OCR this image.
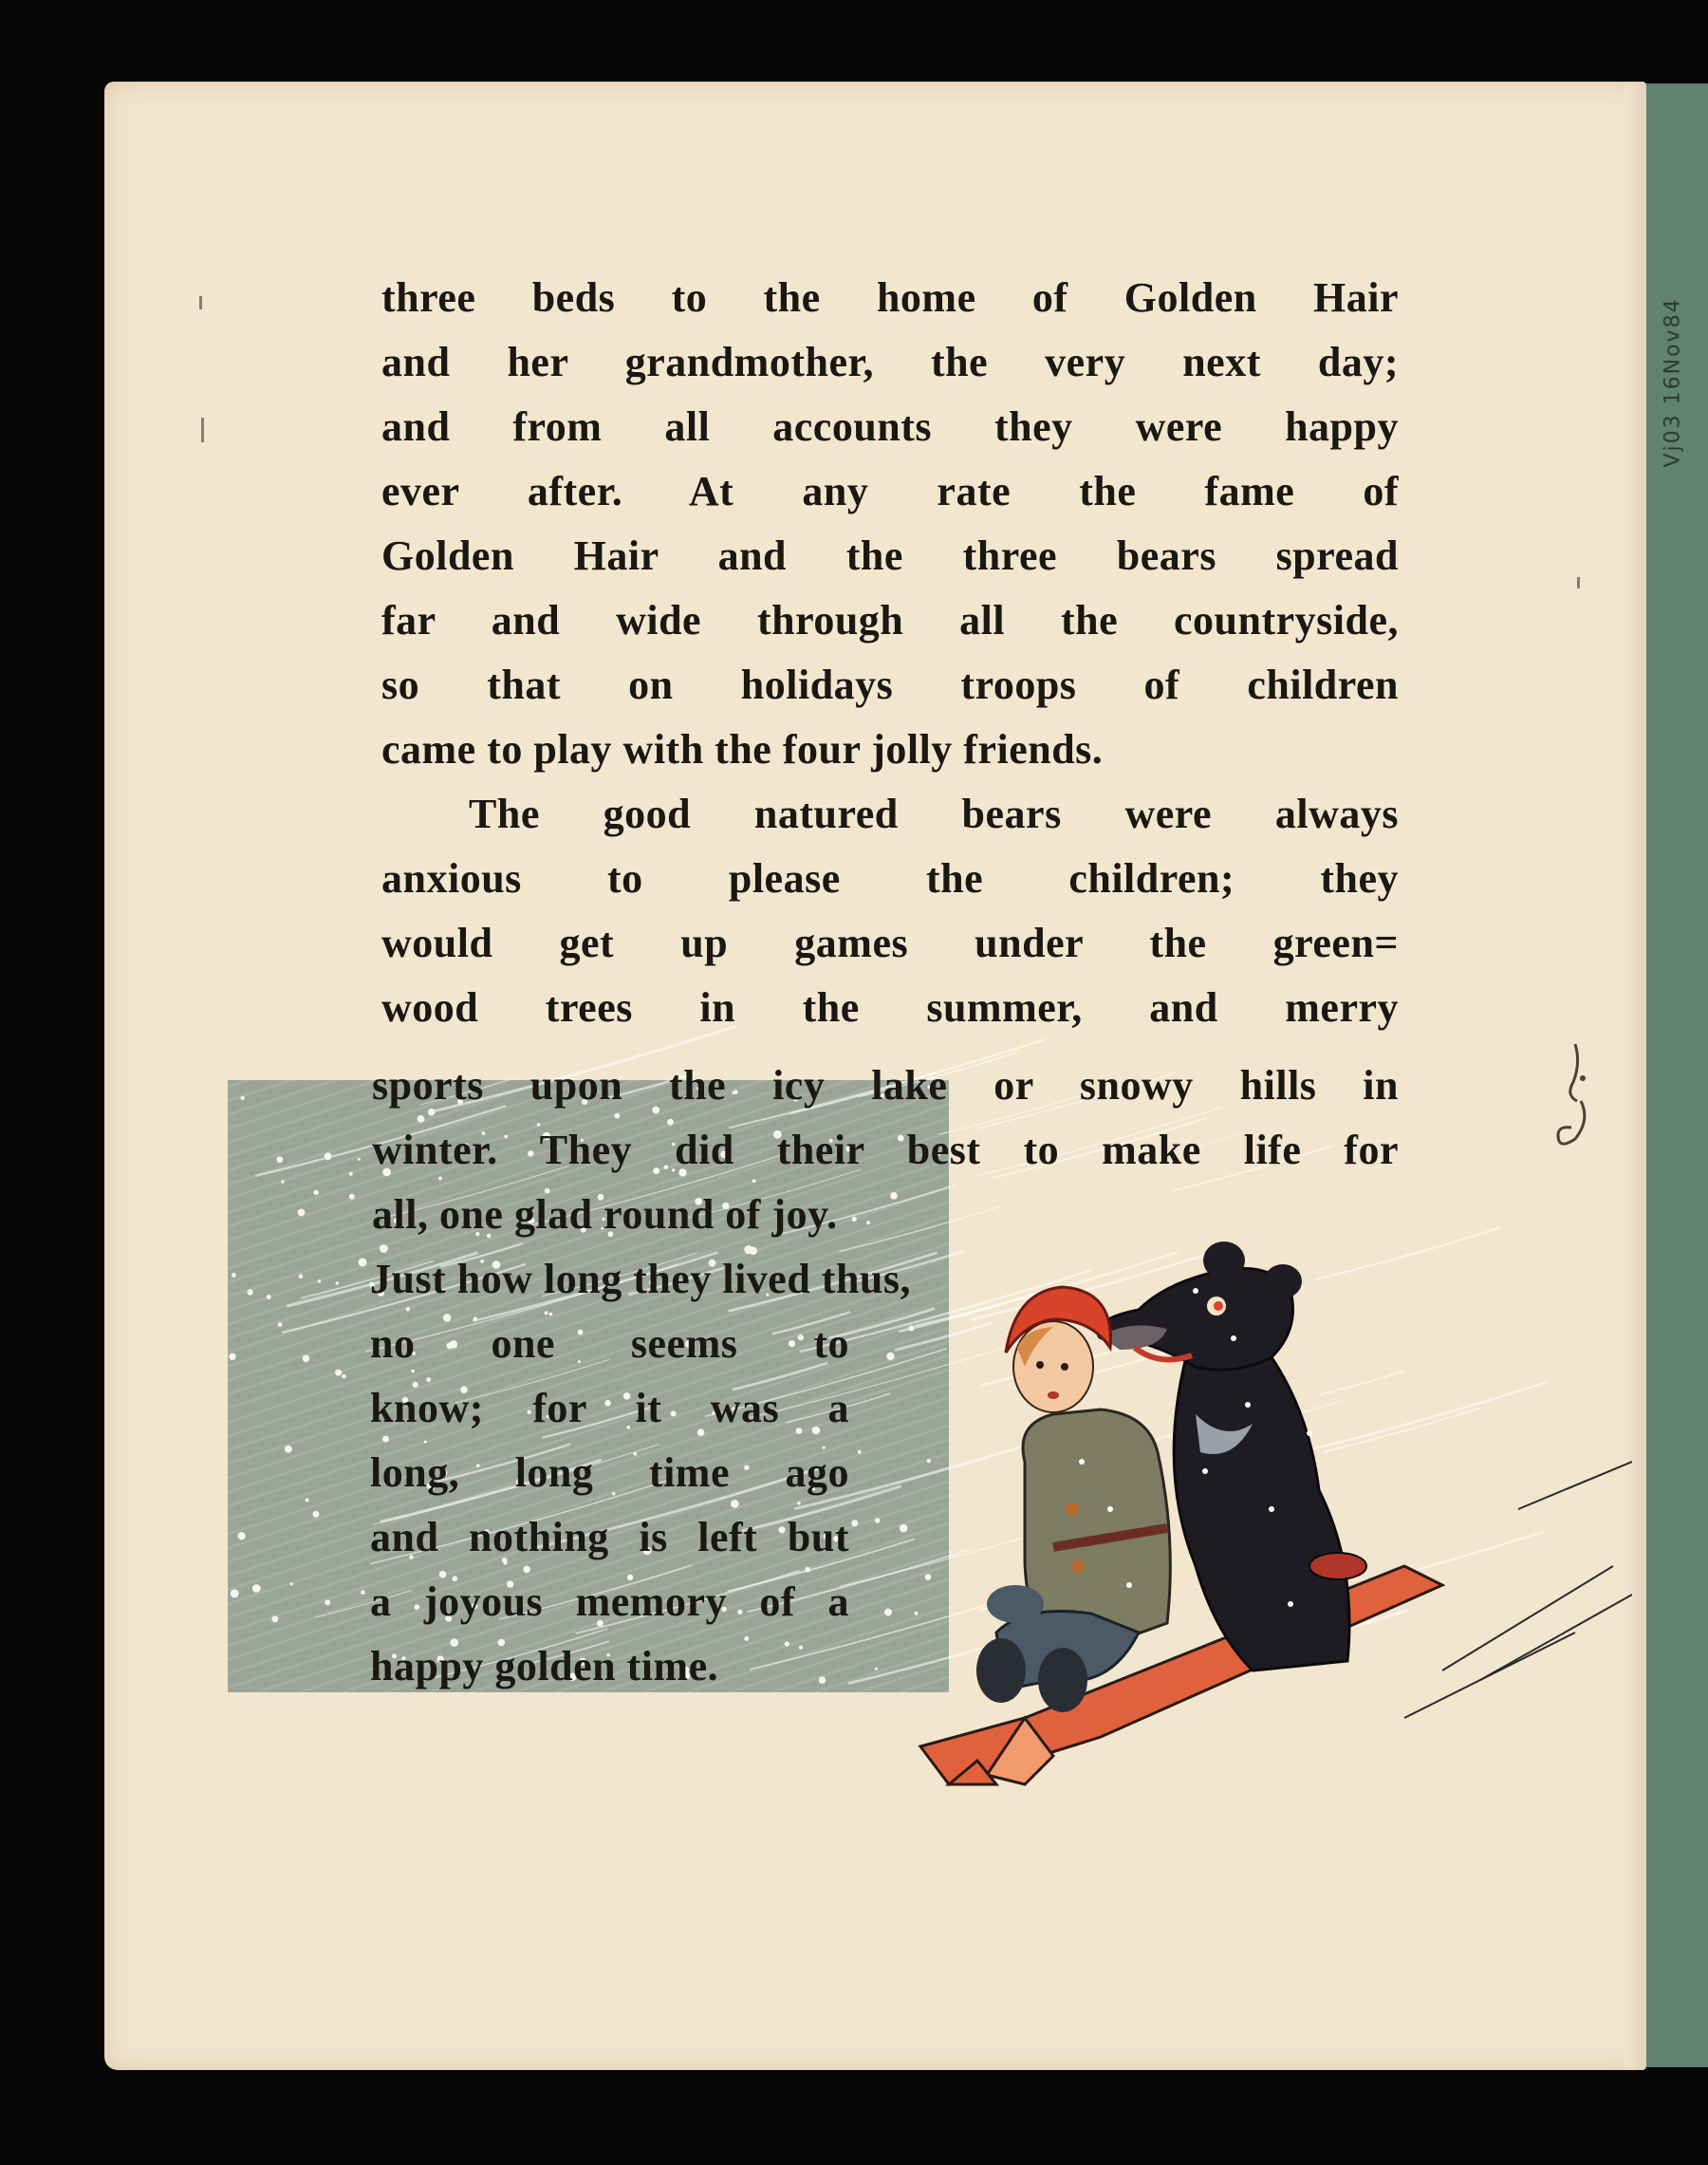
Vj03 16Nov84
three beds to the home of Golden Hair
and her grandmother, the very next day;
and from all accounts they were happy
ever after. At any rate the fame of
Golden Hair and the three bears spread
far and wide through all the countryside,
so that on holidays troops of children
came to play with the four jolly friends.
The good natured bears were always
anxious to please the children; they
would get up games under the green=
wood trees in the summer, and merry
sports upon the icy lake or snowy hills in
winter. They did their best to make life for
all, one glad round of joy.
Just how long they lived thus,
no one seems to
know; for it was a
long, long time ago
and nothing is left but
a joyous memory of a
happy golden time.
